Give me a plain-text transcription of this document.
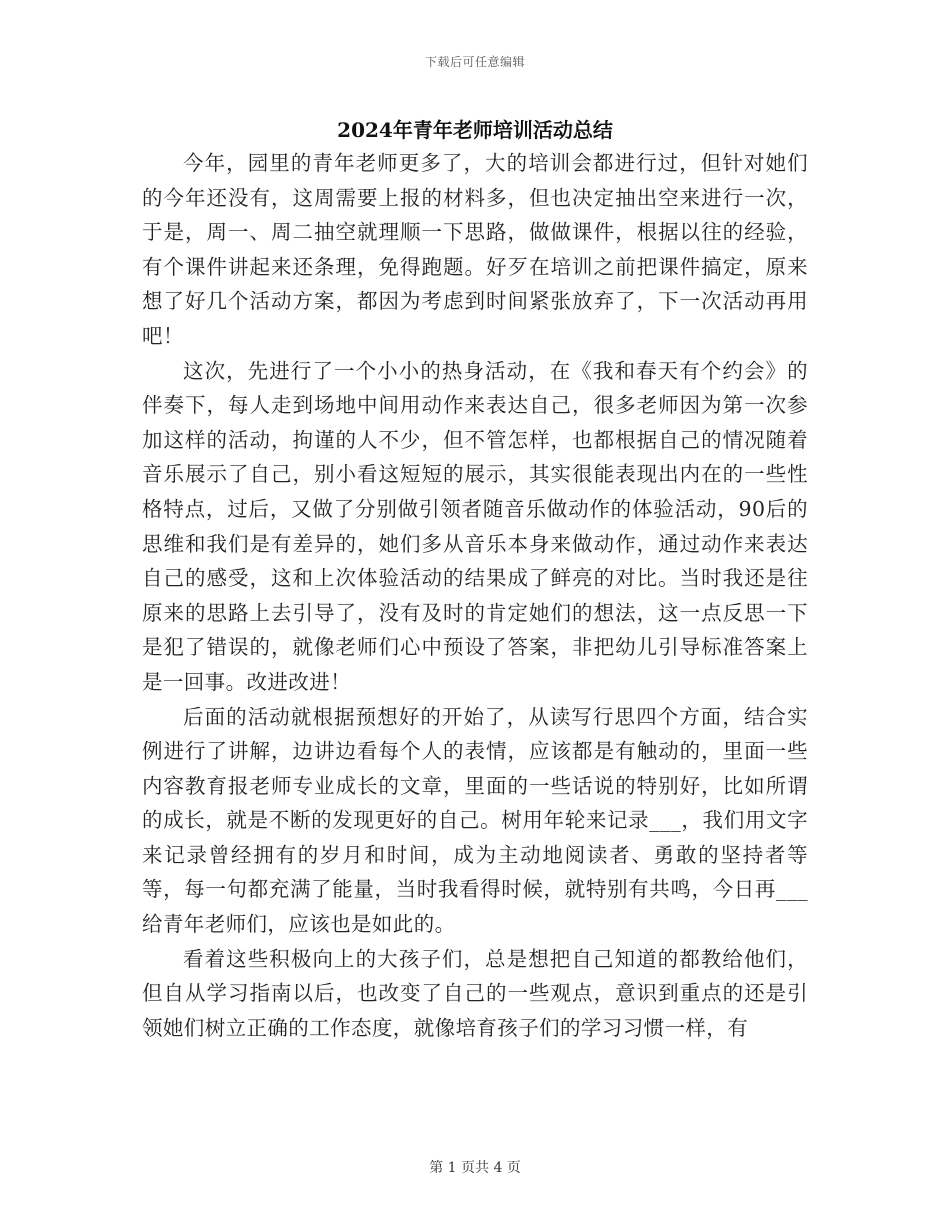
下载后可任意编辑
2024年青年老师培训活动总结

今年，园里的青年老师更多了，大的培训会都进行过，但针对她们的今年还没有，这周需要上报的材料多，但也决定抽出空来进行一次，于是，周一、周二抽空就理顺一下思路，做做课件，根据以往的经验，有个课件讲起来还条理，免得跑题。好歹在培训之前把课件搞定，原来想了好几个活动方案，都因为考虑到时间紧张放弃了，下一次活动再用吧！

这次，先进行了一个小小的热身活动，在《我和春天有个约会》的伴奏下，每人走到场地中间用动作来表达自己，很多老师因为第一次参加这样的活动，拘谨的人不少，但不管怎样，也都根据自己的情况随着音乐展示了自己，别小看这短短的展示，其实很能表现出内在的一些性格特点，过后，又做了分别做引领者随音乐做动作的体验活动，90后的思维和我们是有差异的，她们多从音乐本身来做动作，通过动作来表达自己的感受，这和上次体验活动的结果成了鲜亮的对比。当时我还是往原来的思路上去引导了，没有及时的肯定她们的想法，这一点反思一下是犯了错误的，就像老师们心中预设了答案，非把幼儿引导标准答案上是一回事。改进改进！

后面的活动就根据预想好的开始了，从读写行思四个方面，结合实例进行了讲解，边讲边看每个人的表情，应该都是有触动的，里面一些内容教育报老师专业成长的文章，里面的一些话说的特别好，比如所谓的成长，就是不断的发现更好的自己。树用年轮来记录___，我们用文字来记录曾经拥有的岁月和时间，成为主动地阅读者、勇敢的坚持者等等，每一句都充满了能量，当时我看得时候，就特别有共鸣，今日再___给青年老师们，应该也是如此的。

看着这些积极向上的大孩子们，总是想把自己知道的都教给他们，但自从学习指南以后，也改变了自己的一些观点，意识到重点的还是引领她们树立正确的工作态度，就像培育孩子们的学习习惯一样，有

第 1 页共 4 页
